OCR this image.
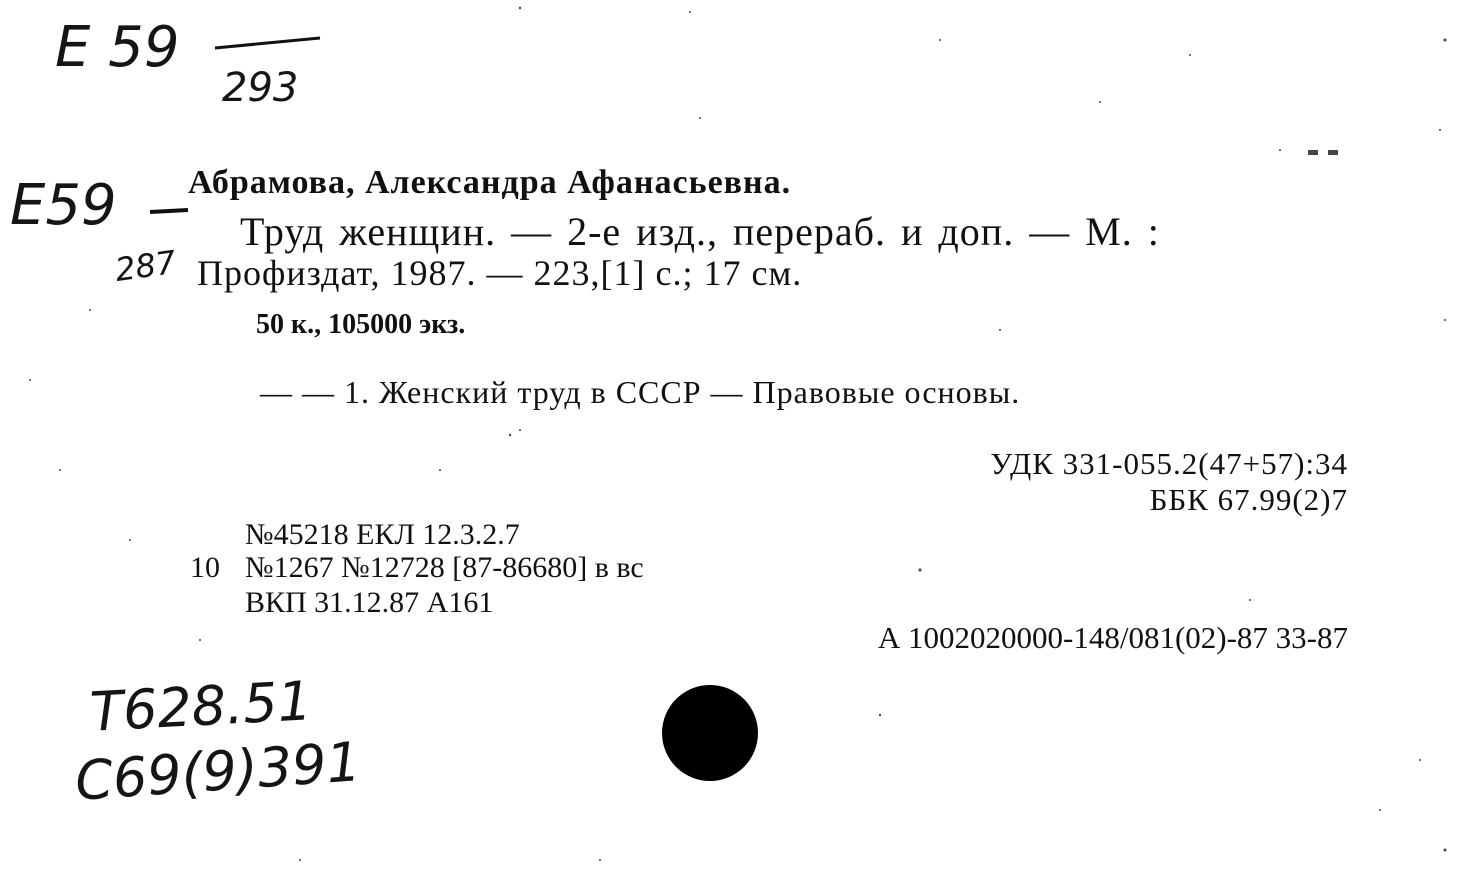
E 59
293
E59
287
Абрамова, Александра Афанасьевна.
Труд женщин. — 2-е изд., перераб. и доп. — М. :
Профиздат, 1987. — 223,[1] с.; 17 см.
50 к., 105000 экз.
— — 1. Женский труд в СССР — Правовые основы.
УДК 331-055.2(47+57):34
ББК 67.99(2)7
№45218 ЕКЛ 12.3.2.7
10 №1267 №12728 [87-86680] в вс
ВКП 31.12.87 А161
А 1002020000-148/081(02)-87 33-87
T628.51
C69(9)391
